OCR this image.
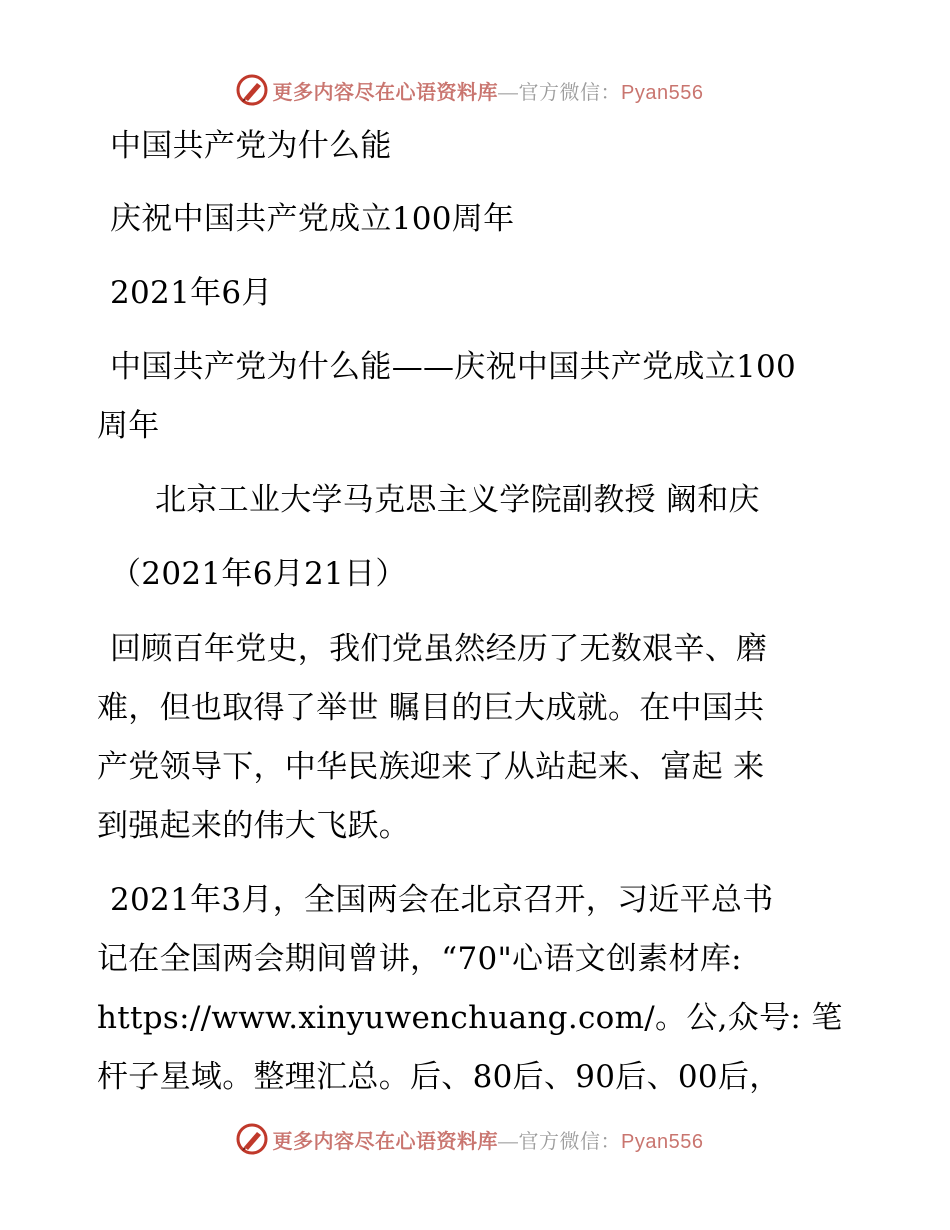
更多内容尽在心语资料库—官方微信：Pyan556
中国共产党为什么能
庆祝中国共产党成立100周年
2021年6月
中国共产党为什么能——庆祝中国共产党成立100
周年
北京工业大学马克思主义学院副教授 阚和庆
（2021年6月21日）
回顾百年党史，我们党虽然经历了无数艰辛、磨
难，但也取得了举世 瞩目的巨大成就。在中国共
产党领导下，中华民族迎来了从站起来、富起 来
到强起来的伟大飞跃。
2021年3月，全国两会在北京召开，习近平总书
记在全国两会期间曾讲，“70"心语文创素材库:
https://www.xinyuwenchuang.com/。公,众号: 笔
杆子星域。整理汇总。后、80后、90后、00后，
更多内容尽在心语资料库—官方微信：Pyan556
